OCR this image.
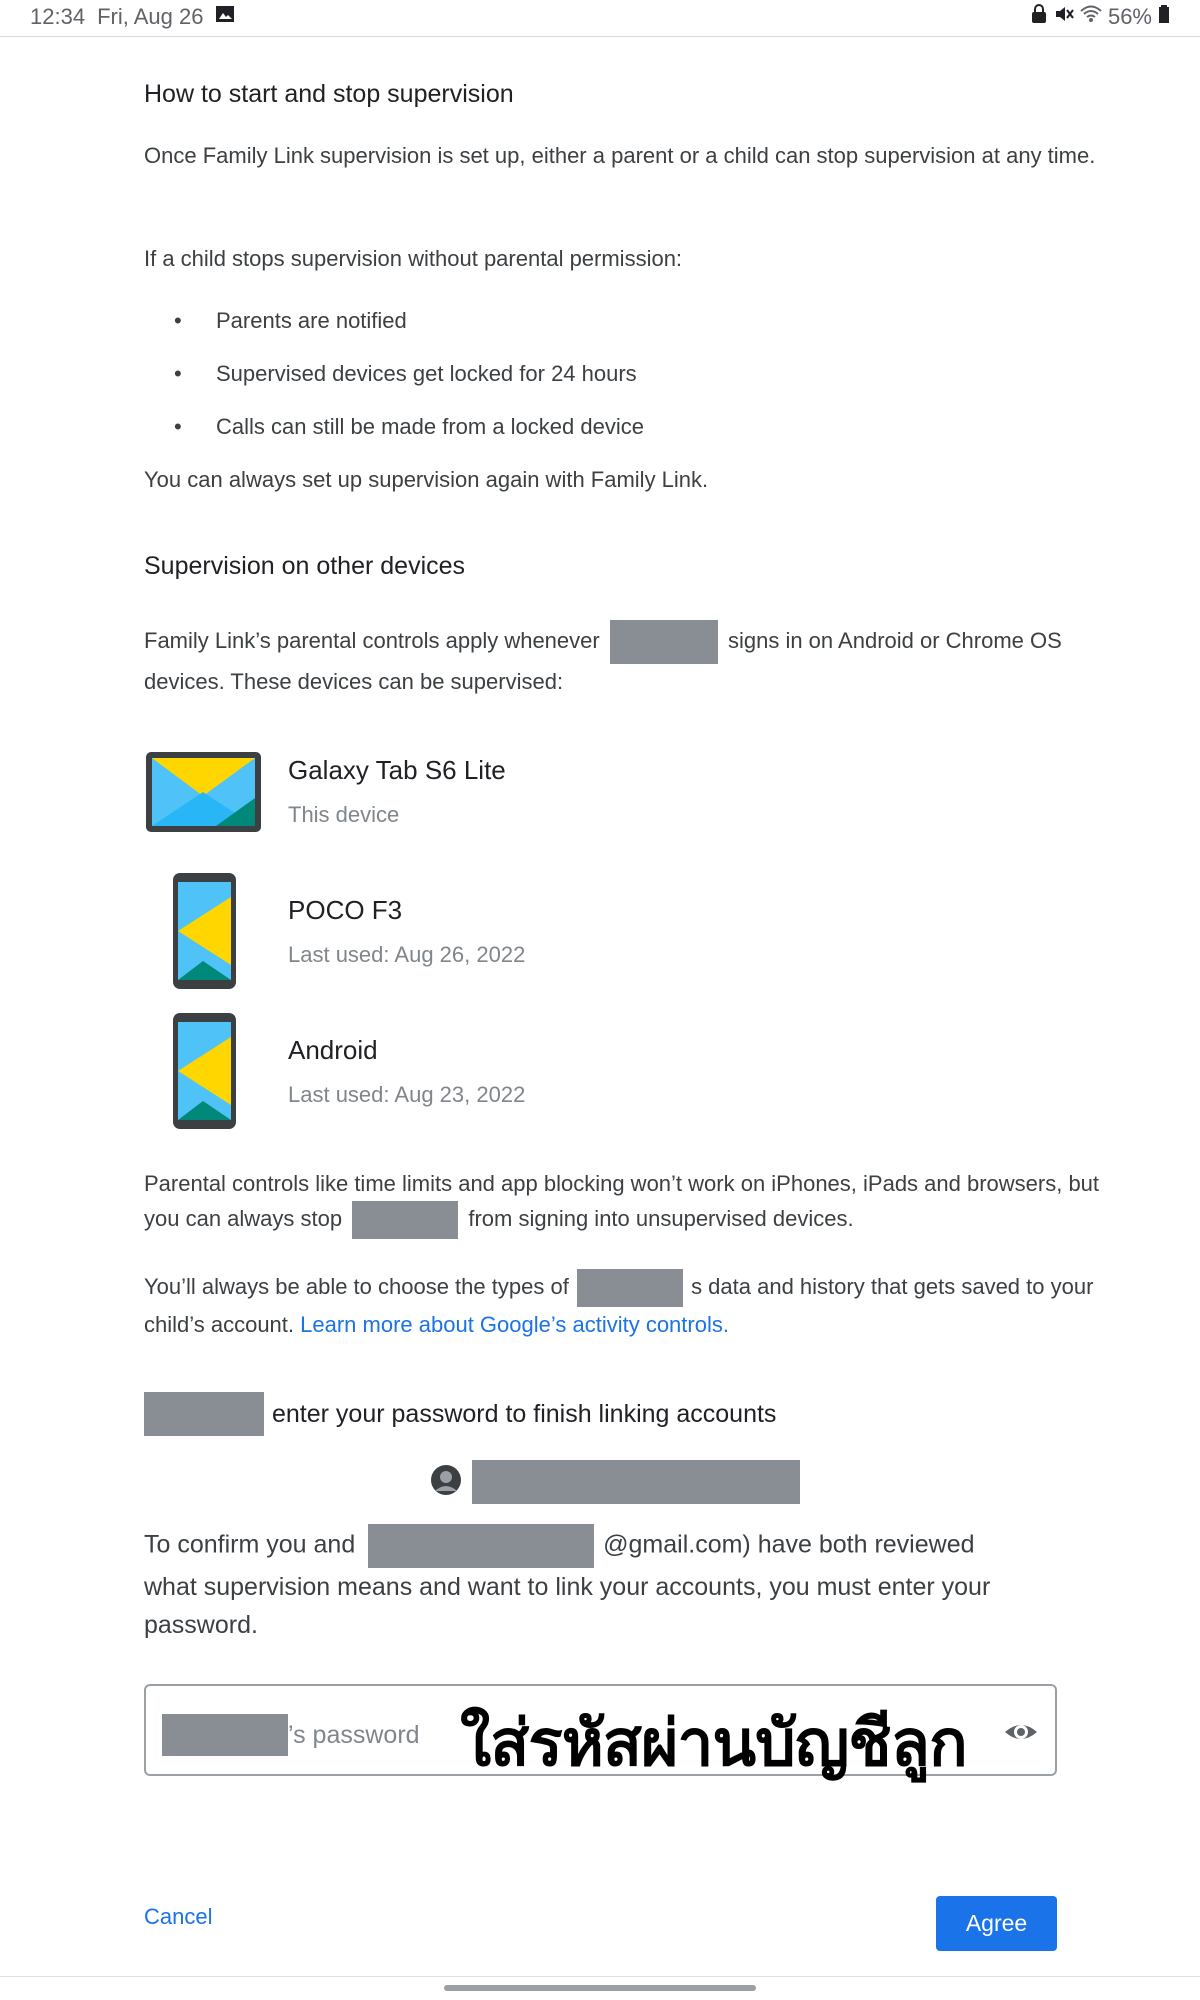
12:34 Fri, Aug 26	56%
How to start and stop supervision
Once Family Link supervision is set up, either a parent or a child can stop supervision at any time.
If a child stops supervision without parental permission:
• Parents are notified
• Supervised devices get locked for 24 hours
• Calls can still be made from a locked device
You can always set up supervision again with Family Link.
Supervision on other devices
Family Link’s parental controls apply whenever	signs in on Android or Chrome OS devices. These devices can be supervised:
Galaxy Tab S6 Lite
This device
POCO F3
Last used: Aug 26, 2022
Android
Last used: Aug 23, 2022
Parental controls like time limits and app blocking won’t work on iPhones, iPads and browsers, but you can always stop	from signing into unsupervised devices.
You’ll always be able to choose the types of	s data and history that gets saved to your child’s account. Learn more about Google’s activity controls.
enter your password to finish linking accounts
To confirm you and	@gmail.com) have both reviewed what supervision means and want to link your accounts, you must enter your password.
’s password ใส่รหัสผ่านบัญชีลูก
Cancel	Agree
